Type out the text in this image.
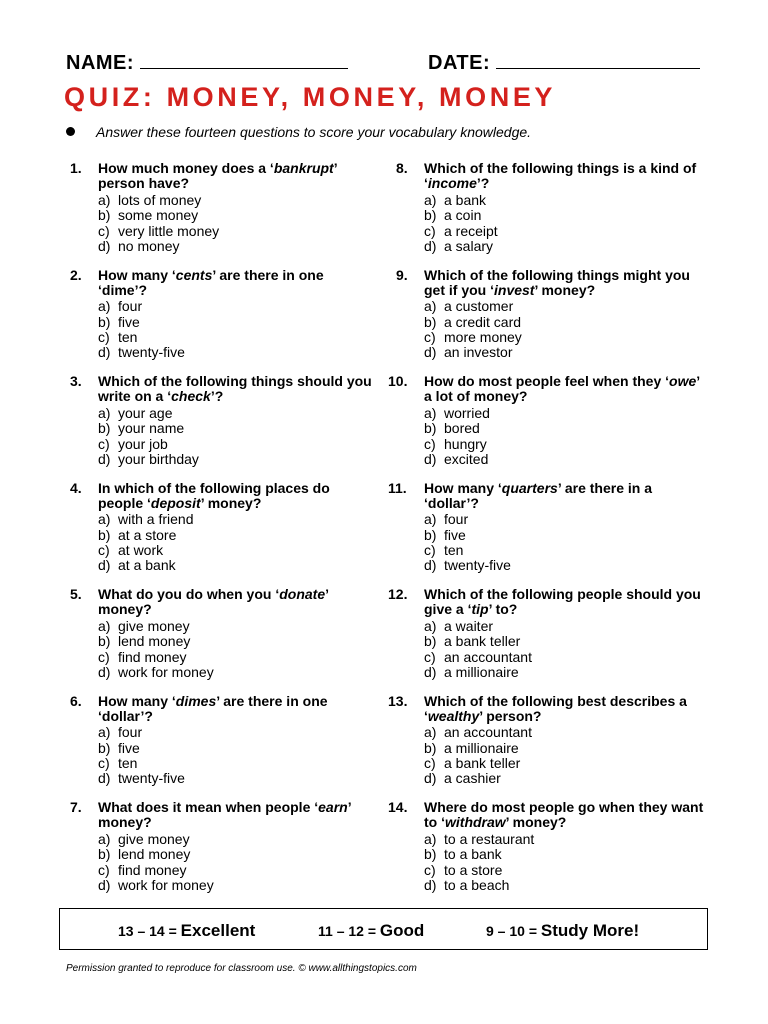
NAME:	DATE:
QUIZ: MONEY, MONEY, MONEY
Answer these fourteen questions to score your vocabulary knowledge.
1.	How much money does a ‘bankrupt’ person have?
a) lots of money
b) some money
c) very little money
d) no money
2.	How many ‘cents’ are there in one ‘dime’?
a) four
b) five
c) ten
d) twenty-five
3.	Which of the following things should you write on a ‘check’?
a) your age
b) your name
c) your job
d) your birthday
4.	In which of the following places do people ‘deposit’ money?
a) with a friend
b) at a store
c) at work
d) at a bank
5.	What do you do when you ‘donate’ money?
a) give money
b) lend money
c) find money
d) work for money
6.	How many ‘dimes’ are there in one ‘dollar’?
a) four
b) five
c) ten
d) twenty-five
7.	What does it mean when people ‘earn’ money?
a) give money
b) lend money
c) find money
d) work for money
8.	Which of the following things is a kind of ‘income’?
a) a bank
b) a coin
c) a receipt
d) a salary
9.	Which of the following things might you get if you ‘invest’ money?
a) a customer
b) a credit card
c) more money
d) an investor
10.	How do most people feel when they ‘owe’ a lot of money?
a) worried
b) bored
c) hungry
d) excited
11.	How many ‘quarters’ are there in a ‘dollar’?
a) four
b) five
c) ten
d) twenty-five
12.	Which of the following people should you give a ‘tip’ to?
a) a waiter
b) a bank teller
c) an accountant
d) a millionaire
13.	Which of the following best describes a ‘wealthy’ person?
a) an accountant
b) a millionaire
c) a bank teller
d) a cashier
14.	Where do most people go when they want to ‘withdraw’ money?
a) to a restaurant
b) to a bank
c) to a store
d) to a beach
13 – 14 = Excellent	11 – 12 = Good	9 – 10 = Study More!
Permission granted to reproduce for classroom use. © www.allthingstopics.com
